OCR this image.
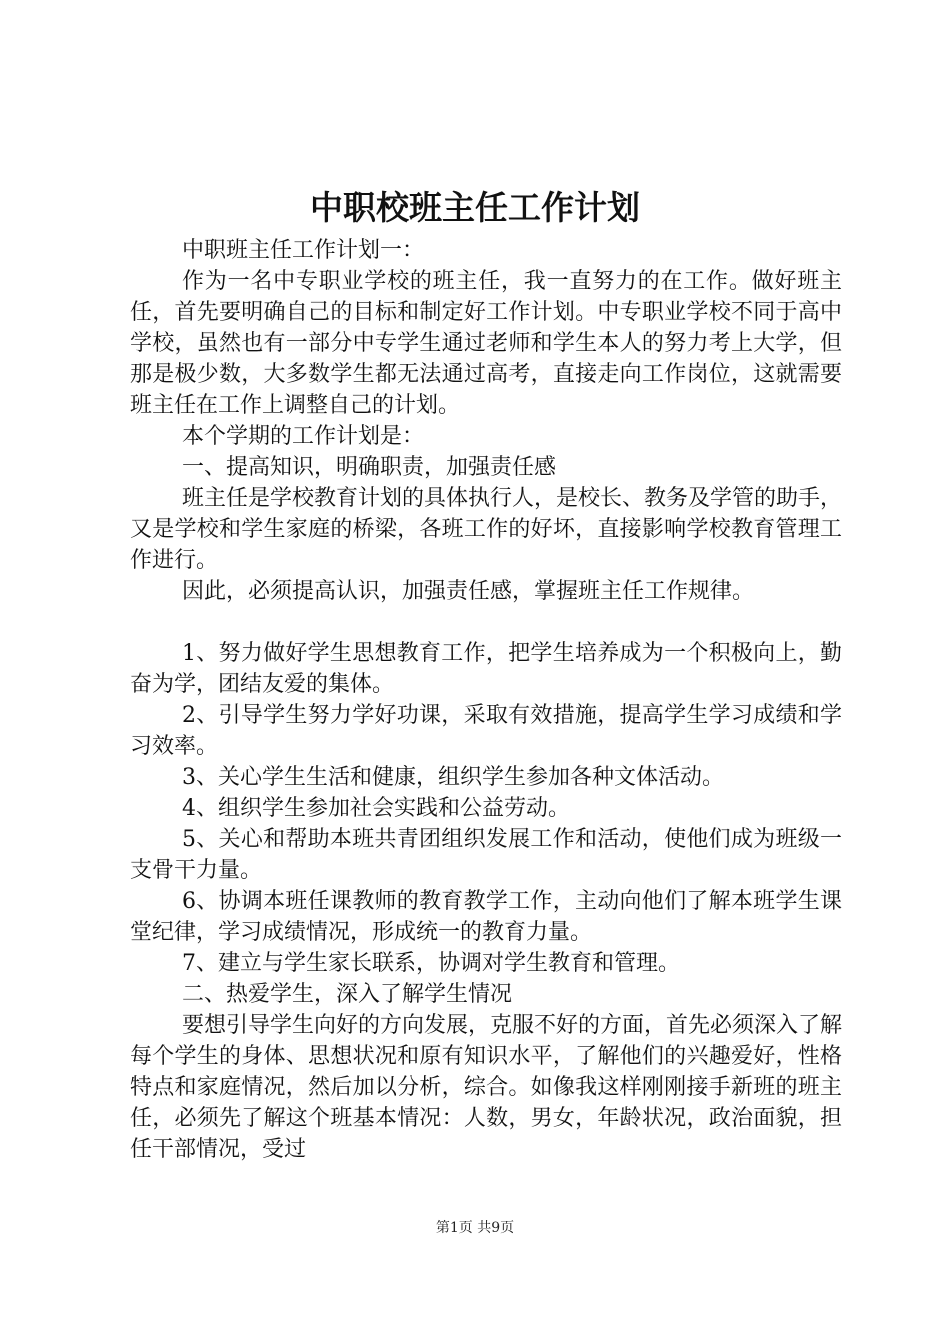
中职校班主任工作计划

中职班主任工作计划一：

作为一名中专职业学校的班主任，我一直努力的在工作。做好班主任，首先要明确自己的目标和制定好工作计划。中专职业学校不同于高中学校，虽然也有一部分中专学生通过老师和学生本人的努力考上大学，但那是极少数，大多数学生都无法通过高考，直接走向工作岗位，这就需要班主任在工作上调整自己的计划。

本个学期的工作计划是：

一、提高知识，明确职责，加强责任感

班主任是学校教育计划的具体执行人，是校长、教务及学管的助手，又是学校和学生家庭的桥梁，各班工作的好坏，直接影响学校教育管理工作进行。

因此，必须提高认识，加强责任感，掌握班主任工作规律。

1、努力做好学生思想教育工作，把学生培养成为一个积极向上，勤奋为学，团结友爱的集体。

2、引导学生努力学好功课，采取有效措施，提高学生学习成绩和学习效率。

3、关心学生生活和健康，组织学生参加各种文体活动。

4、组织学生参加社会实践和公益劳动。

5、关心和帮助本班共青团组织发展工作和活动，使他们成为班级一支骨干力量。

6、协调本班任课教师的教育教学工作，主动向他们了解本班学生课堂纪律，学习成绩情况，形成统一的教育力量。

7、建立与学生家长联系，协调对学生教育和管理。

二、热爱学生，深入了解学生情况

要想引导学生向好的方向发展，克服不好的方面，首先必须深入了解每个学生的身体、思想状况和原有知识水平，了解他们的兴趣爱好，性格特点和家庭情况，然后加以分析，综合。如像我这样刚刚接手新班的班主任，必须先了解这个班基本情况：人数，男女，年龄状况，政治面貌，担任干部情况，受过

第1页 共9页
